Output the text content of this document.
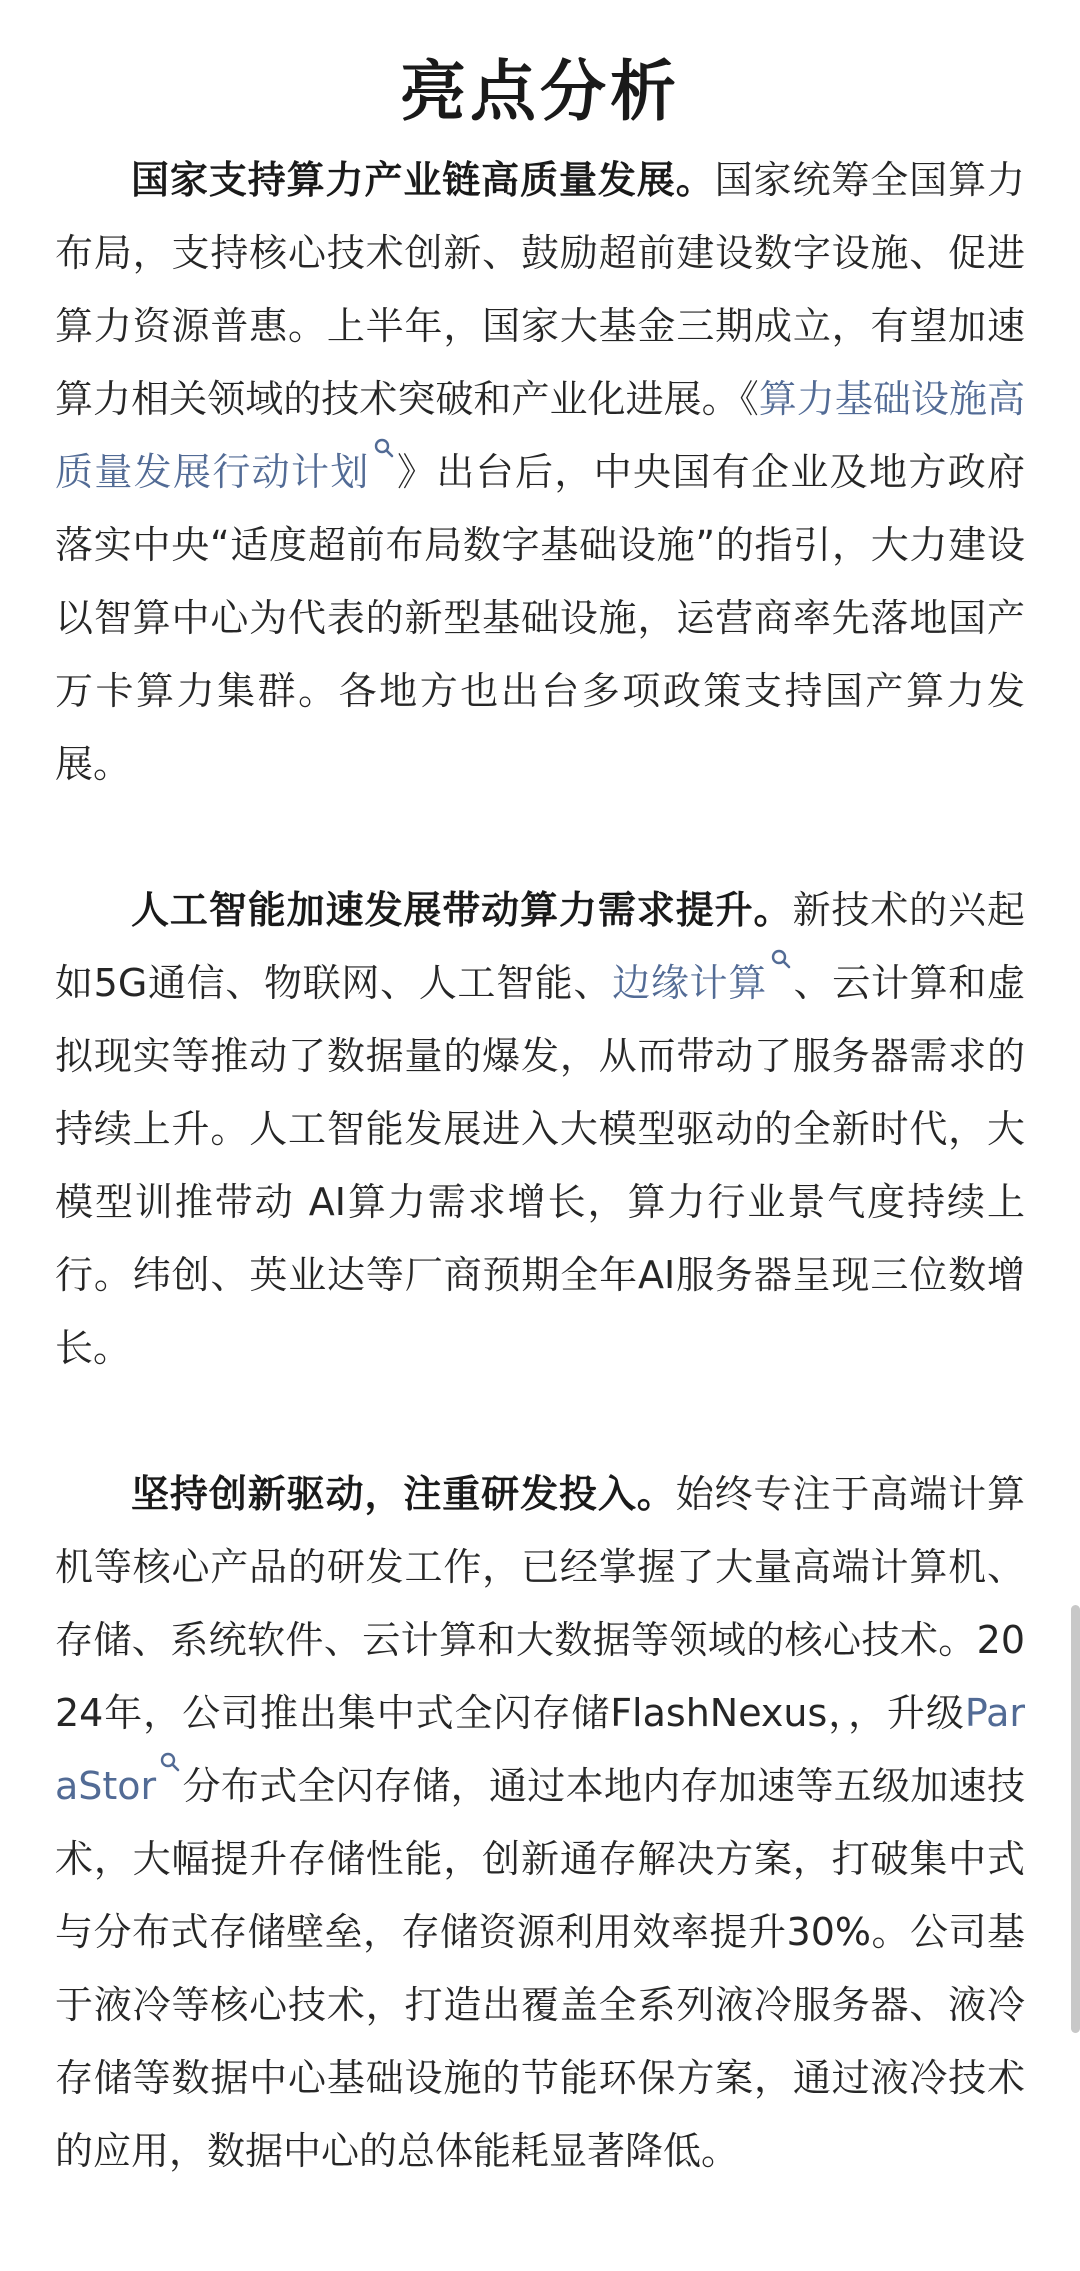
亮点分析

国家支持算力产业链高质量发展。国家统筹全国算力布局，支持核心技术创新、鼓励超前建设数字设施、促进算力资源普惠。上半年，国家大基金三期成立，有望加速算力相关领域的技术突破和产业化进展。《算力基础设施高质量发展行动计划 》出台后，中央国有企业及地方政府落实中央“适度超前布局数字基础设施”的指引，大力建设以智算中心为代表的新型基础设施，运营商率先落地国产万卡算力集群。各地方也出台多项政策支持国产算力发展。

人工智能加速发展带动算力需求提升。新技术的兴起如5G通信、物联网、人工智能、边缘计算 、云计算和虚拟现实等推动了数据量的爆发，从而带动了服务器需求的持续上升。人工智能发展进入大模型驱动的全新时代，大模型训推带动 AI算力需求增长，算力行业景气度持续上行。纬创、英业达等厂商预期全年AI服务器呈现三位数增长。

坚持创新驱动，注重研发投入。始终专注于高端计算机等核心产品的研发工作，已经掌握了大量高端计算机、存储、系统软件、云计算和大数据等领域的核心技术。2024年，公司推出集中式全闪存储FlashNexus，，升级ParaStor 分布式全闪存储，通过本地内存加速等五级加速技术，大幅提升存储性能，创新通存解决方案，打破集中式与分布式存储壁垒，存储资源利用效率提升30%。公司基于液冷等核心技术，打造出覆盖全系列液冷服务器、液冷存储等数据中心基础设施的节能环保方案，通过液冷技术的应用，数据中心的总体能耗显著降低。
